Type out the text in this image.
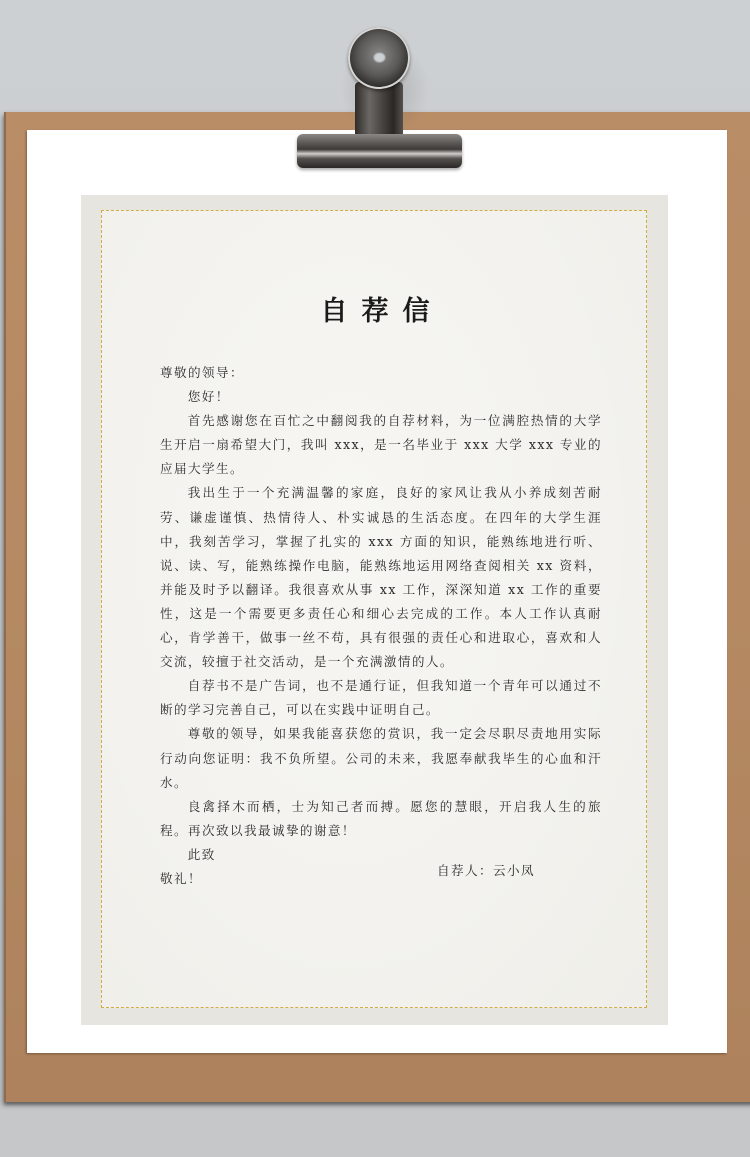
自荐信

尊敬的领导：

您好！

首先感谢您在百忙之中翻阅我的自荐材料，为一位满腔热情的大学生开启一扇希望大门，我叫 xxx，是一名毕业于 xxx 大学 xxx 专业的应届大学生。

我出生于一个充满温馨的家庭，良好的家风让我从小养成刻苦耐劳、谦虚谨慎、热情待人、朴实诚恳的生活态度。在四年的大学生涯中，我刻苦学习，掌握了扎实的 xxx 方面的知识，能熟练地进行听、说、读、写，能熟练操作电脑，能熟练地运用网络查阅相关 xx 资料，并能及时予以翻译。我很喜欢从事 xx 工作，深深知道 xx 工作的重要性，这是一个需要更多责任心和细心去完成的工作。本人工作认真耐心，肯学善干，做事一丝不苟，具有很强的责任心和进取心，喜欢和人交流，较擅于社交活动，是一个充满激情的人。

自荐书不是广告词，也不是通行证，但我知道一个青年可以通过不断的学习完善自己，可以在实践中证明自己。

尊敬的领导，如果我能喜获您的赏识，我一定会尽职尽责地用实际行动向您证明：我不负所望。公司的未来，我愿奉献我毕生的心血和汗水。

良禽择木而栖，士为知己者而搏。愿您的慧眼，开启我人生的旅程。再次致以我最诚挚的谢意！

此致

敬礼！

自荐人：云小凤
